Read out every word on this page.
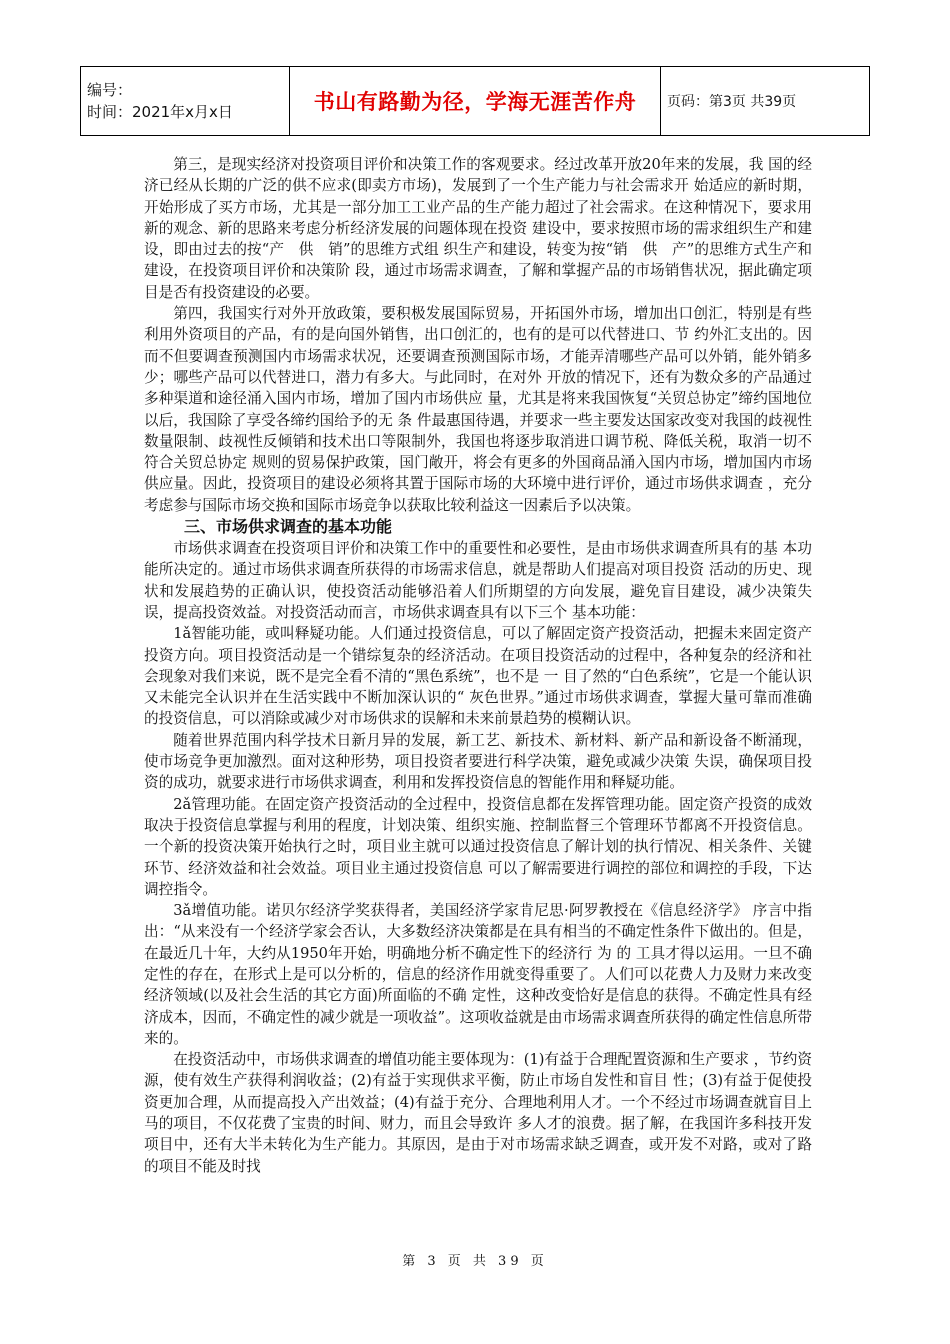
编号：
时间：2021年x月x日	书山有路勤为径，学海无涯苦作舟	页码：第3页 共39页

第三，是现实经济对投资项目评价和决策工作的客观要求。经过改革开放20年来的发展，我 国的经济已经从长期的广泛的供不应求(即卖方市场)，发展到了一个生产能力与社会需求开 始适应的新时期，开始形成了买方市场，尤其是一部分加工工业产品的生产能力超过了社会需求。在这种情况下，要求用新的观念、新的思路来考虑分析经济发展的问题体现在投资 建设中，要求按照市场的需求组织生产和建设，即由过去的按“产　供　销”的思维方式组 织生产和建设，转变为按“销　供　产”的思维方式生产和建设，在投资项目评价和决策阶 段，通过市场需求调查，了解和掌握产品的市场销售状况，据此确定项目是否有投资建设的必要。

第四，我国实行对外开放政策，要积极发展国际贸易，开拓国外市场，增加出口创汇，特别是有些利用外资项目的产品，有的是向国外销售，出口创汇的，也有的是可以代替进口、节 约外汇支出的。因而不但要调查预测国内市场需求状况，还要调查预测国际市场，才能弄清哪些产品可以外销，能外销多少；哪些产品可以代替进口，潜力有多大。与此同时，在对外 开放的情况下，还有为数众多的产品通过多种渠道和途径涌入国内市场，增加了国内市场供应 量，尤其是将来我国恢复“关贸总协定”缔约国地位以后，我国除了享受各缔约国给予的无 条 件最惠国待遇，并要求一些主要发达国家改变对我国的歧视性数量限制、歧视性反倾销和技术出口等限制外，我国也将逐步取消进口调节税、降低关税，取消一切不符合关贸总协定 规则的贸易保护政策，国门敞开，将会有更多的外国商品涌入国内市场，增加国内市场供应量。因此，投资项目的建设必须将其置于国际市场的大环境中进行评价，通过市场供求调查 ，充分考虑参与国际市场交换和国际市场竞争以获取比较利益这一因素后予以决策。

三、市场供求调查的基本功能

市场供求调查在投资项目评价和决策工作中的重要性和必要性，是由市场供求调查所具有的基 本功能所决定的。通过市场供求调查所获得的市场需求信息，就是帮助人们提高对项目投资 活动的历史、现状和发展趋势的正确认识，使投资活动能够沿着人们所期望的方向发展，避免盲目建设，减少决策失误，提高投资效益。对投资活动而言，市场供求调查具有以下三个 基本功能：

1ǎ智能功能，或叫释疑功能。人们通过投资信息，可以了解固定资产投资活动，把握未来固定资产投资方向。项目投资活动是一个错综复杂的经济活动。在项目投资活动的过程中，各种复杂的经济和社会现象对我们来说，既不是完全看不清的“黑色系统”，也不是 一 目了然的“白色系统”，它是一个能认识又未能完全认识并在生活实践中不断加深认识的“ 灰色世界。”通过市场供求调查，掌握大量可靠而准确的投资信息，可以消除或减少对市场供求的误解和未来前景趋势的模糊认识。

随着世界范围内科学技术日新月异的发展，新工艺、新技术、新材料、新产品和新设备不断涌现，使市场竞争更加激烈。面对这种形势，项目投资者要进行科学决策，避免或减少决策 失误，确保项目投资的成功，就要求进行市场供求调查，利用和发挥投资信息的智能作用和释疑功能。

2ǎ管理功能。在固定资产投资活动的全过程中，投资信息都在发挥管理功能。固定资产投资的成效取决于投资信息掌握与利用的程度，计划决策、组织实施、控制监督三个管理环节都离不开投资信息。一个新的投资决策开始执行之时，项目业主就可以通过投资信息了解计划的执行情况、相关条件、关键环节、经济效益和社会效益。项目业主通过投资信息 可以了解需要进行调控的部位和调控的手段，下达调控指令。

3ǎ增值功能。诺贝尔经济学奖获得者，美国经济学家肯尼思·阿罗教授在《信息经济学》 序言中指出：“从来没有一个经济学家会否认，大多数经济决策都是在具有相当的不确定性条件下做出的。但是，在最近几十年，大约从1950年开始，明确地分析不确定性下的经济行 为 的 工具才得以运用。一旦不确定性的存在，在形式上是可以分析的，信息的经济作用就变得重要了。人们可以花费人力及财力来改变经济领域(以及社会生活的其它方面)所面临的不确 定性，这种改变恰好是信息的获得。不确定性具有经济成本，因而，不确定性的减少就是一项收益”。这项收益就是由市场需求调查所获得的确定性信息所带来的。

在投资活动中，市场供求调查的增值功能主要体现为：(1)有益于合理配置资源和生产要求 ，节约资源，使有效生产获得利润收益；(2)有益于实现供求平衡，防止市场自发性和盲目 性；(3)有益于促使投资更加合理，从而提高投入产出效益；(4)有益于充分、合理地利用人才。一个不经过市场调查就盲目上马的项目，不仅花费了宝贵的时间、财力，而且会导致许 多人才的浪费。据了解，在我国许多科技开发项目中，还有大半未转化为生产能力。其原因，是由于对市场需求缺乏调查，或开发不对路，或对了路的项目不能及时找

第 3 页 共 39 页
